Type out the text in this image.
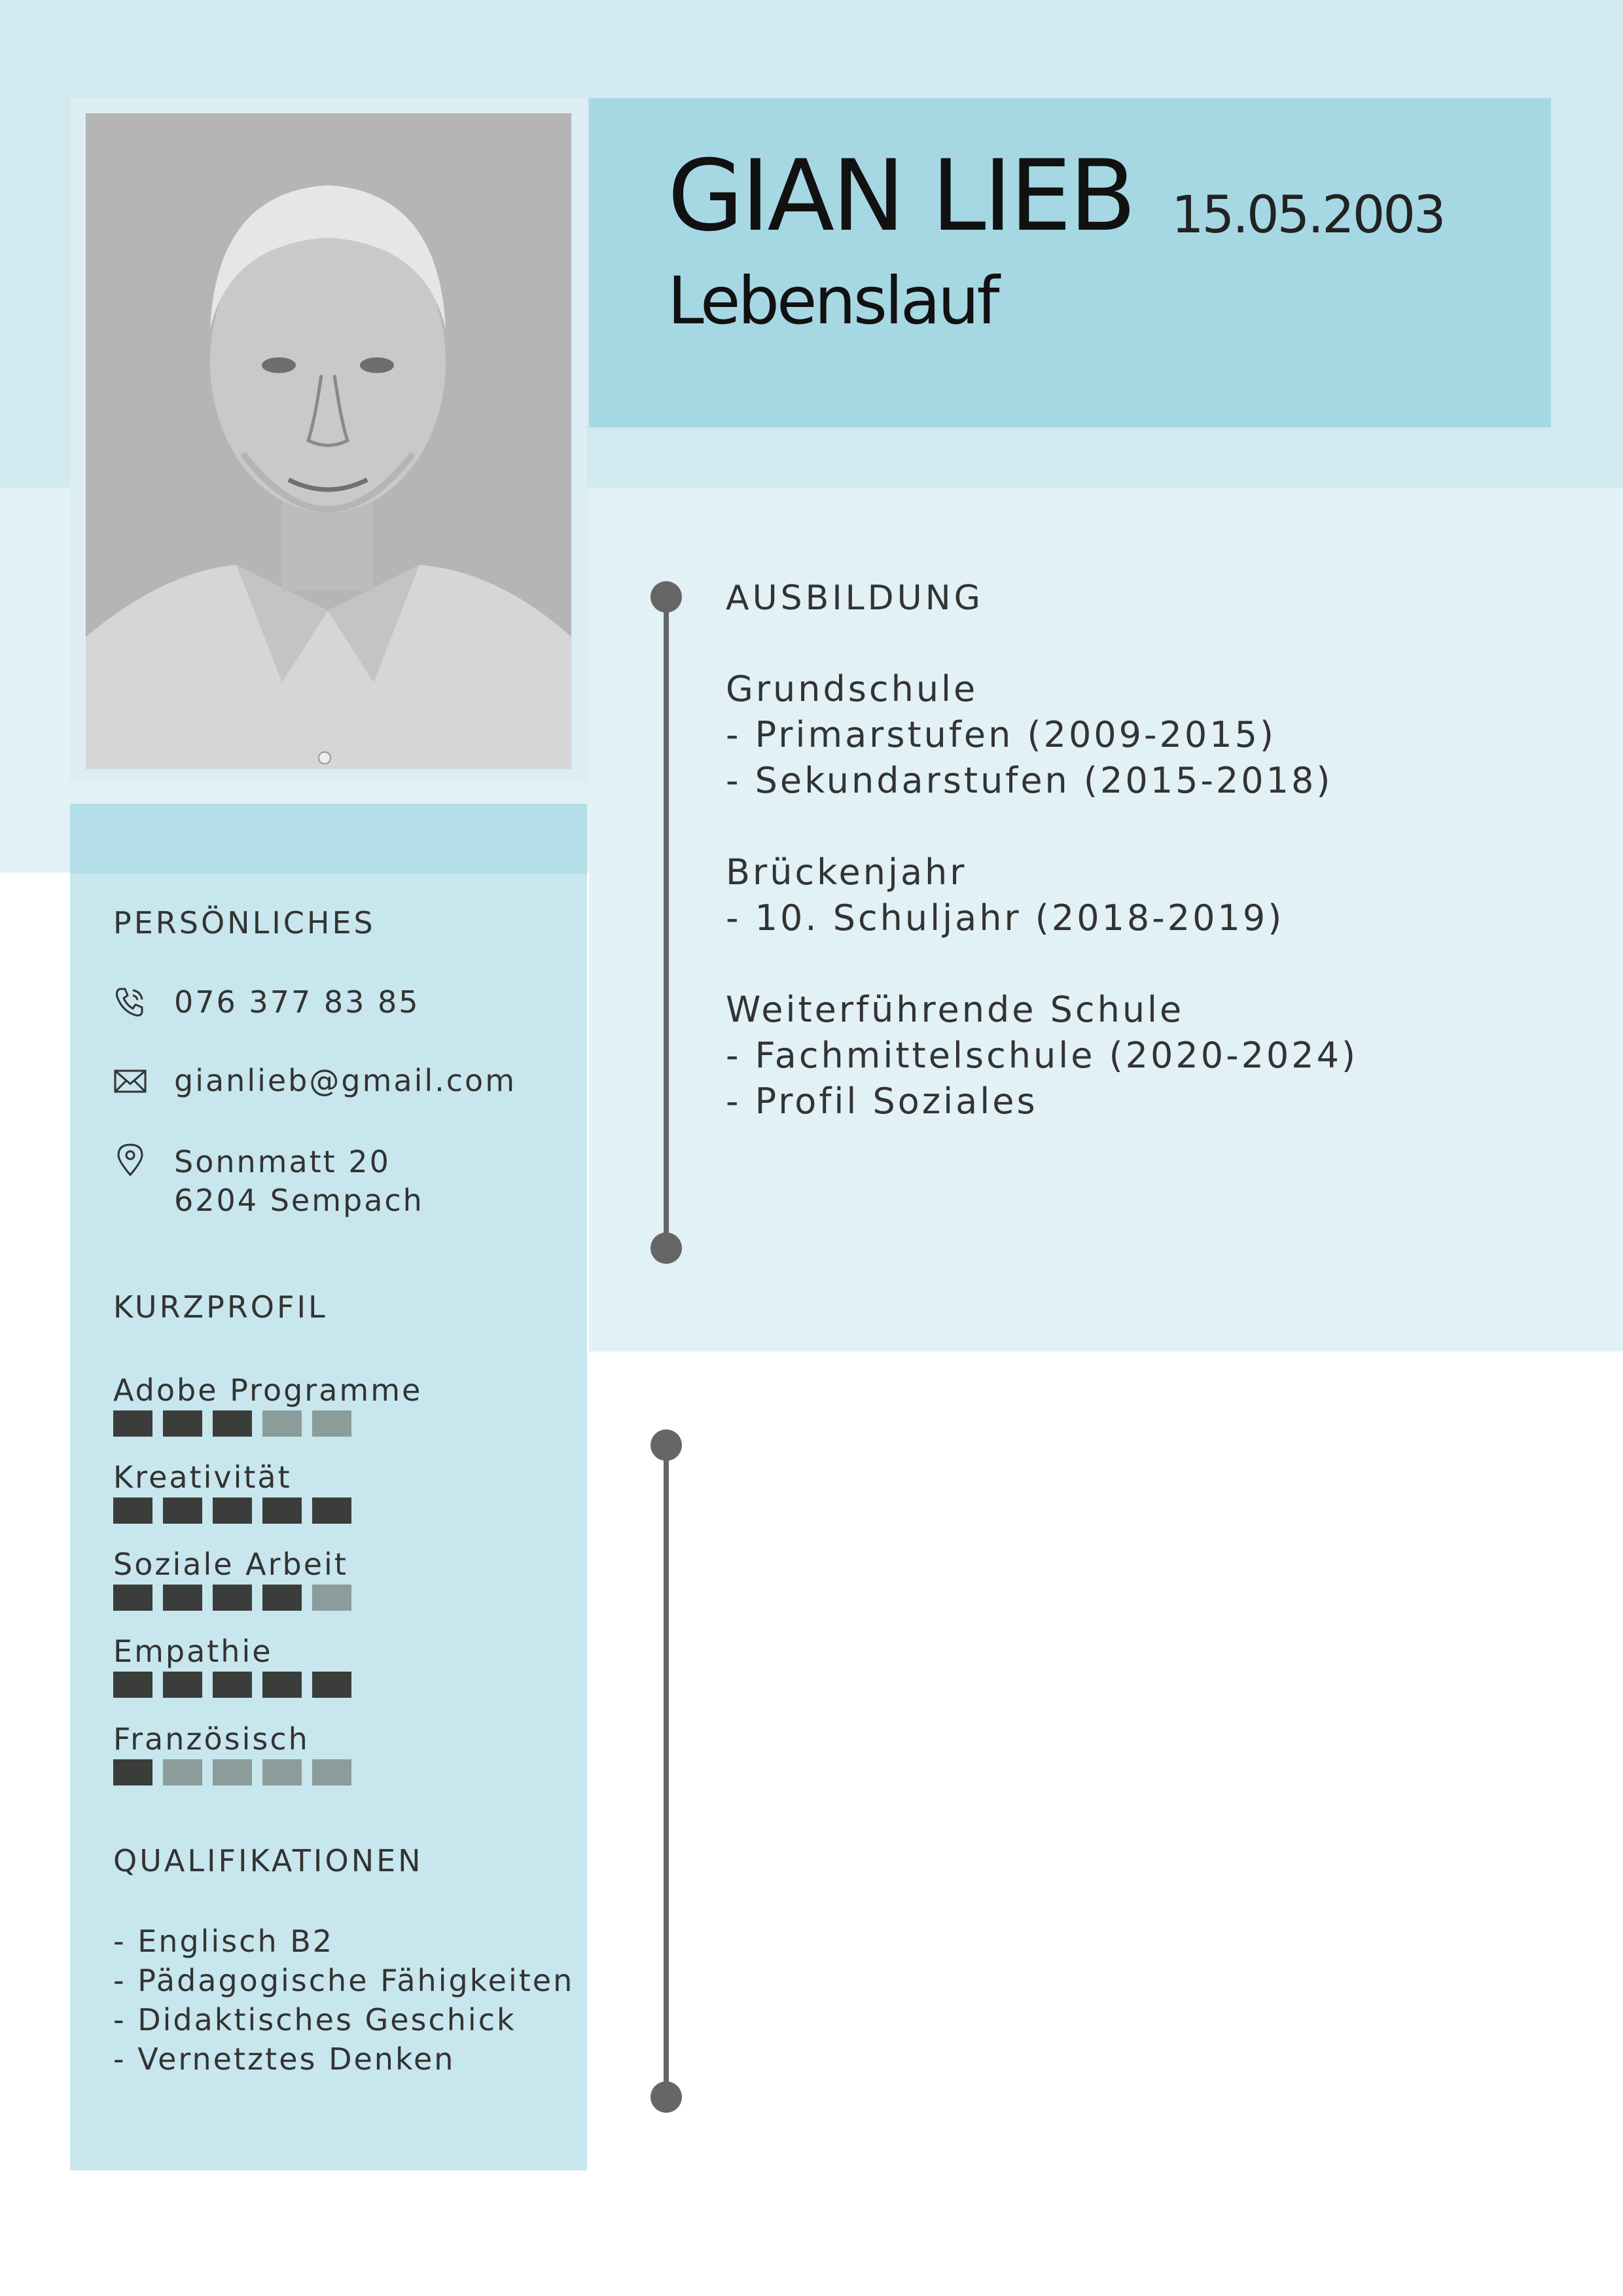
GIAN LIEB 15.05.2003
Lebenslauf
PERSÖNLICHES
076 377 83 85
gianlieb@gmail.com
Sonnmatt 20
6204 Sempach
KURZPROFIL
Adobe Programme
Kreativität
Soziale Arbeit
Empathie
Französisch
QUALIFIKATIONEN
- Englisch B2
- Pädagogische Fähigkeiten
- Didaktisches Geschick
- Vernetztes Denken
AUSBILDUNG
Grundschule
- Primarstufen (2009-2015)
- Sekundarstufen (2015-2018)
Brückenjahr
- 10. Schuljahr (2018-2019)
Weiterführende Schule
- Fachmittelschule (2020-2024)
- Profil Soziales
